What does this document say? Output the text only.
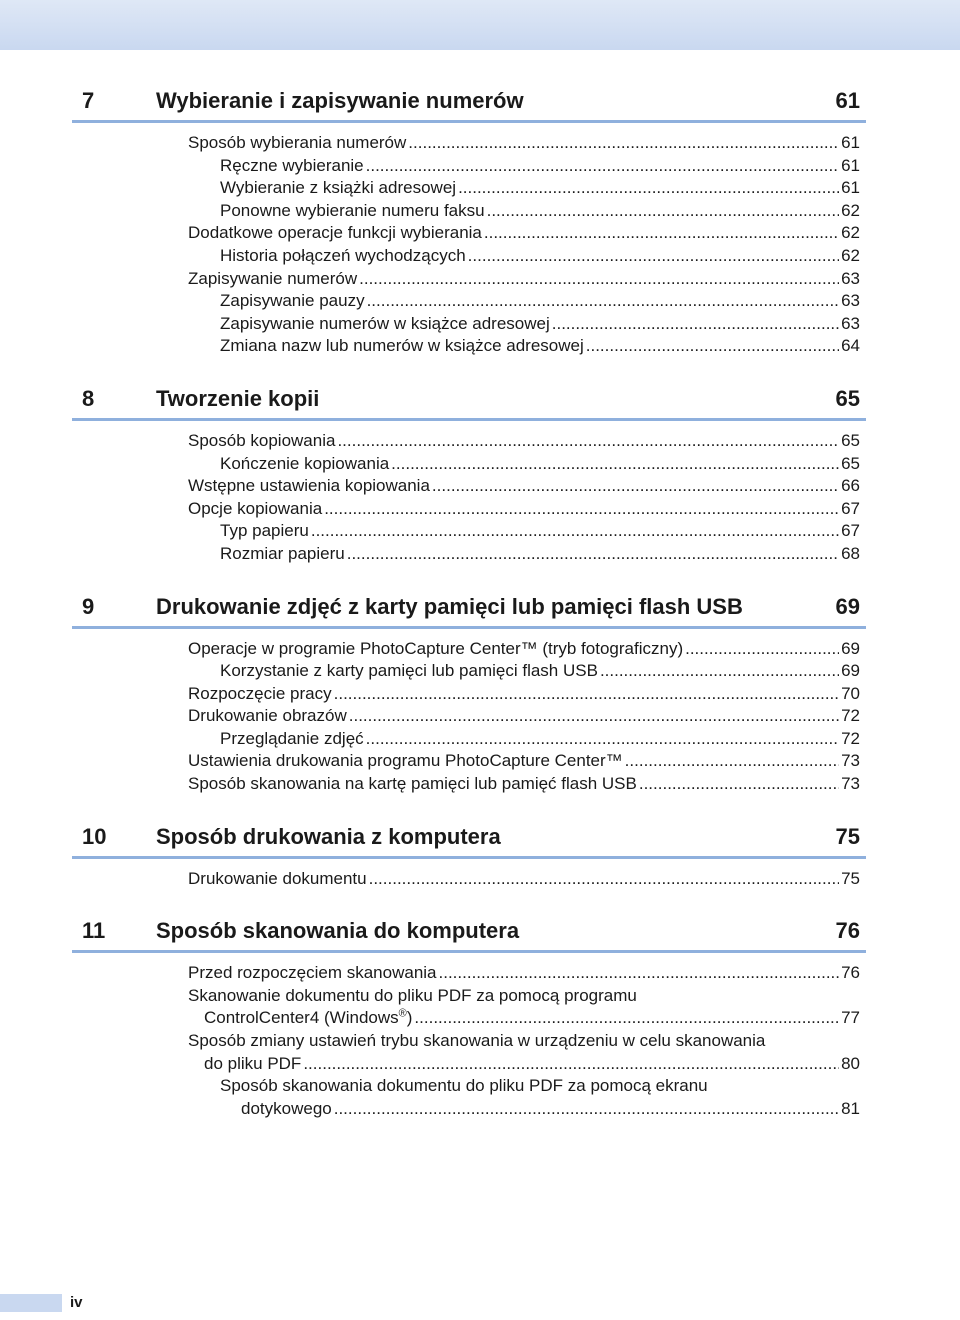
7	Wybieranie i zapisywanie numerów	61
Sposób wybierania numerów .....	61
Ręczne wybieranie .....	61
Wybieranie z książki adresowej .....	61
Ponowne wybieranie numeru faksu .....	62
Dodatkowe operacje funkcji wybierania .....	62
Historia połączeń wychodzących .....	62
Zapisywanie numerów .....	63
Zapisywanie pauzy .....	63
Zapisywanie numerów w książce adresowej .....	63
Zmiana nazw lub numerów w książce adresowej .....	64
8	Tworzenie kopii	65
Sposób kopiowania .....	65
Kończenie kopiowania .....	65
Wstępne ustawienia kopiowania .....	66
Opcje kopiowania .....	67
Typ papieru .....	67
Rozmiar papieru .....	68
9	Drukowanie zdjęć z karty pamięci lub pamięci flash USB	69
Operacje w programie PhotoCapture Center™ (tryb fotograficzny) .....	69
Korzystanie z karty pamięci lub pamięci flash USB .....	69
Rozpoczęcie pracy .....	70
Drukowanie obrazów .....	72
Przeglądanie zdjęć .....	72
Ustawienia drukowania programu PhotoCapture Center™ .....	73
Sposób skanowania na kartę pamięci lub pamięć flash USB .....	73
10	Sposób drukowania z komputera	75
Drukowanie dokumentu .....	75
11	Sposób skanowania do komputera	76
Przed rozpoczęciem skanowania .....	76
Skanowanie dokumentu do pliku PDF za pomocą programu
ControlCenter4 (Windows®) .....	77
Sposób zmiany ustawień trybu skanowania w urządzeniu w celu skanowania
do pliku PDF .....	80
Sposób skanowania dokumentu do pliku PDF za pomocą ekranu
dotykowego .....	81
iv
